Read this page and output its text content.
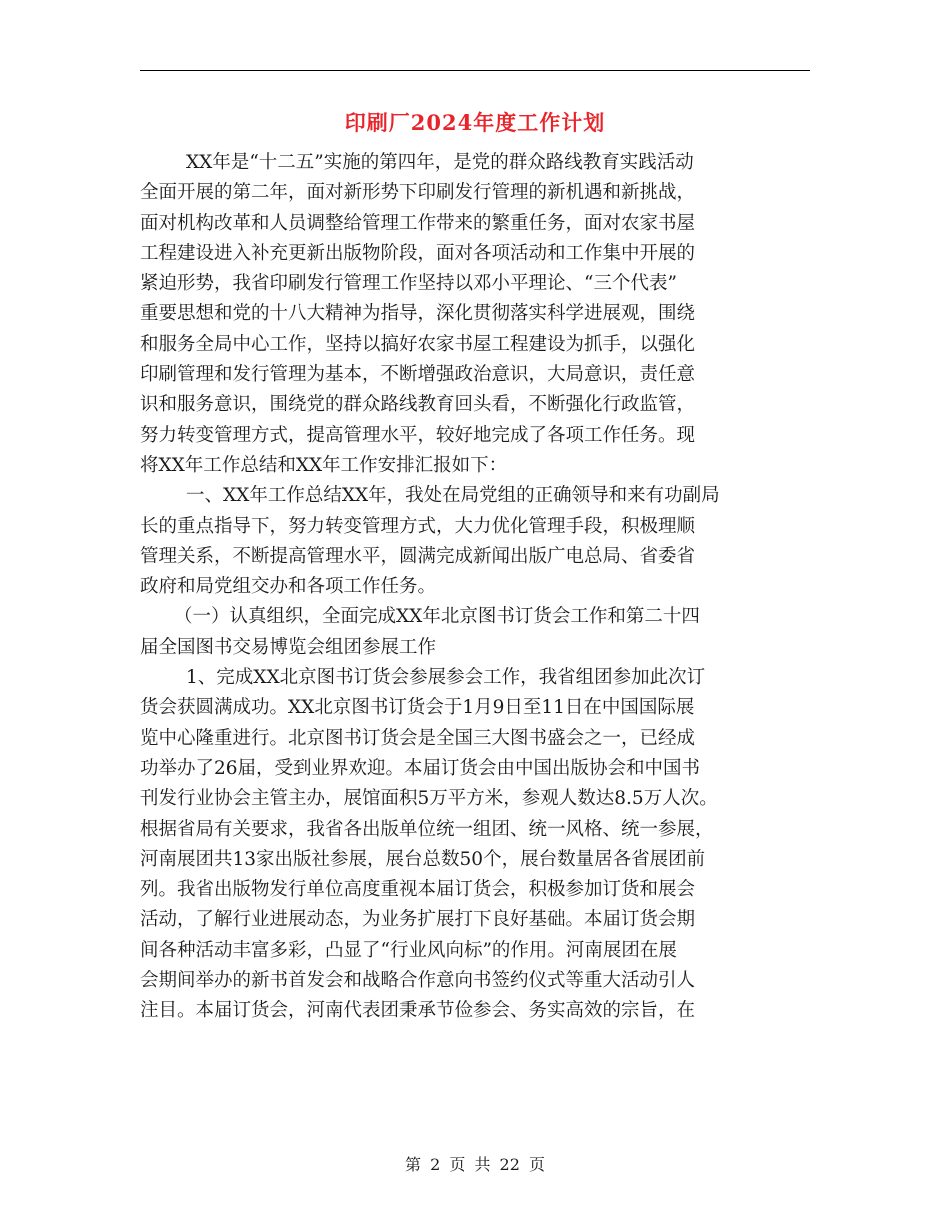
印刷厂2024年度工作计划
XX年是“十二五”实施的第四年，是党的群众路线教育实践活动
全面开展的第二年，面对新形势下印刷发行管理的新机遇和新挑战，
面对机构改革和人员调整给管理工作带来的繁重任务，面对农家书屋
工程建设进入补充更新出版物阶段，面对各项活动和工作集中开展的
紧迫形势，我省印刷发行管理工作坚持以邓小平理论、“三个代表”
重要思想和党的十八大精神为指导，深化贯彻落实科学进展观，围绕
和服务全局中心工作，坚持以搞好农家书屋工程建设为抓手，以强化
印刷管理和发行管理为基本，不断增强政治意识，大局意识，责任意
识和服务意识，围绕党的群众路线教育回头看，不断强化行政监管，
努力转变管理方式，提高管理水平，较好地完成了各项工作任务。现
将XX年工作总结和XX年工作安排汇报如下：
一、XX年工作总结XX年，我处在局党组的正确领导和来有功副局
长的重点指导下，努力转变管理方式，大力优化管理手段，积极理顺
管理关系，不断提高管理水平，圆满完成新闻出版广电总局、省委省
政府和局党组交办和各项工作任务。
（一）认真组织，全面完成XX年北京图书订货会工作和第二十四
届全国图书交易博览会组团参展工作
1、完成XX北京图书订货会参展参会工作，我省组团参加此次订
货会获圆满成功。XX北京图书订货会于1月9日至11日在中国国际展
览中心隆重进行。北京图书订货会是全国三大图书盛会之一，已经成
功举办了26届，受到业界欢迎。本届订货会由中国出版协会和中国书
刊发行业协会主管主办，展馆面积5万平方米，参观人数达8.5万人次。
根据省局有关要求，我省各出版单位统一组团、统一风格、统一参展，
河南展团共13家出版社参展，展台总数50个，展台数量居各省展团前
列。我省出版物发行单位高度重视本届订货会，积极参加订货和展会
活动，了解行业进展动态，为业务扩展打下良好基础。本届订货会期
间各种活动丰富多彩，凸显了“行业风向标”的作用。河南展团在展
会期间举办的新书首发会和战略合作意向书签约仪式等重大活动引人
注目。本届订货会，河南代表团秉承节俭参会、务实高效的宗旨，在
第 2 页 共 22 页
